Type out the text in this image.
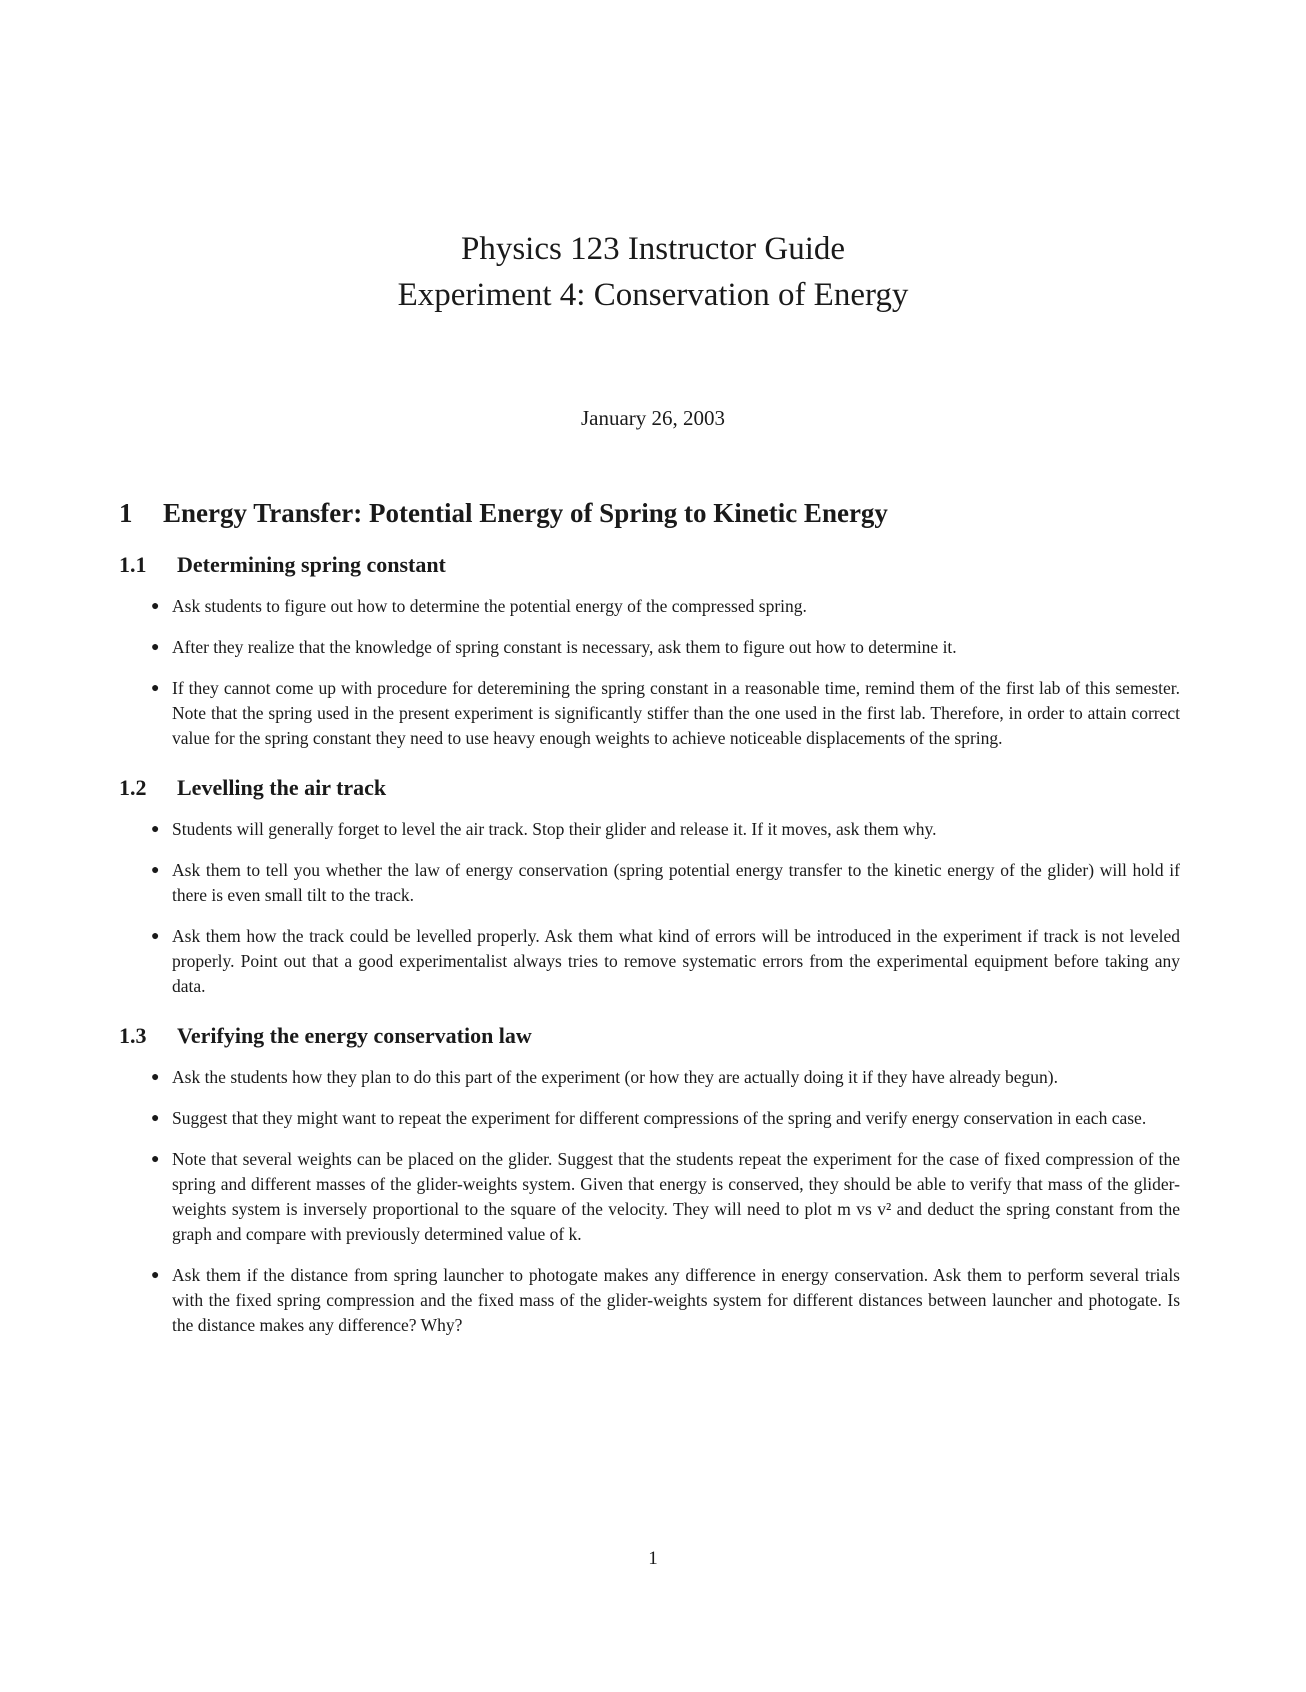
Physics 123 Instructor Guide

Experiment 4: Conservation of Energy

January 26, 2003
1 Energy Transfer: Potential Energy of Spring to Kinetic Energy
1.1 Determining spring constant
● Ask students to figure out how to determine the potential energy of the compressed spring.
● After they realize that the knowledge of spring constant is necessary, ask them to figure out how to determine it.
● If they cannot come up with procedure for deteremining the spring constant in a reasonable time, remind them of the first lab of this semester. Note that the spring used in the present experiment is significantly stiffer than the one used in the first lab. Therefore, in order to attain correct value for the spring constant they need to use heavy enough weights to achieve noticeable displacements of the spring.
1.2 Levelling the air track
● Students will generally forget to level the air track. Stop their glider and release it. If it moves, ask them why.
● Ask them to tell you whether the law of energy conservation (spring potential energy transfer to the kinetic energy of the glider) will hold if there is even small tilt to the track.
● Ask them how the track could be levelled properly. Ask them what kind of errors will be introduced in the experiment if track is not leveled properly. Point out that a good experimentalist always tries to remove systematic errors from the experimental equipment before taking any data.
1.3 Verifying the energy conservation law
● Ask the students how they plan to do this part of the experiment (or how they are actually doing it if they have already begun).
● Suggest that they might want to repeat the experiment for different compressions of the spring and verify energy conservation in each case.
● Note that several weights can be placed on the glider. Suggest that the students repeat the experiment for the case of fixed compression of the spring and different masses of the glider-weights system. Given that energy is conserved, they should be able to verify that mass of the glider-weights system is inversely proportional to the square of the velocity. They will need to plot m vs v² and deduct the spring constant from the graph and compare with previously determined value of k.
● Ask them if the distance from spring launcher to photogate makes any difference in energy conservation. Ask them to perform several trials with the fixed spring compression and the fixed mass of the glider-weights system for different distances between launcher and photogate. Is the distance makes any difference? Why?
1
